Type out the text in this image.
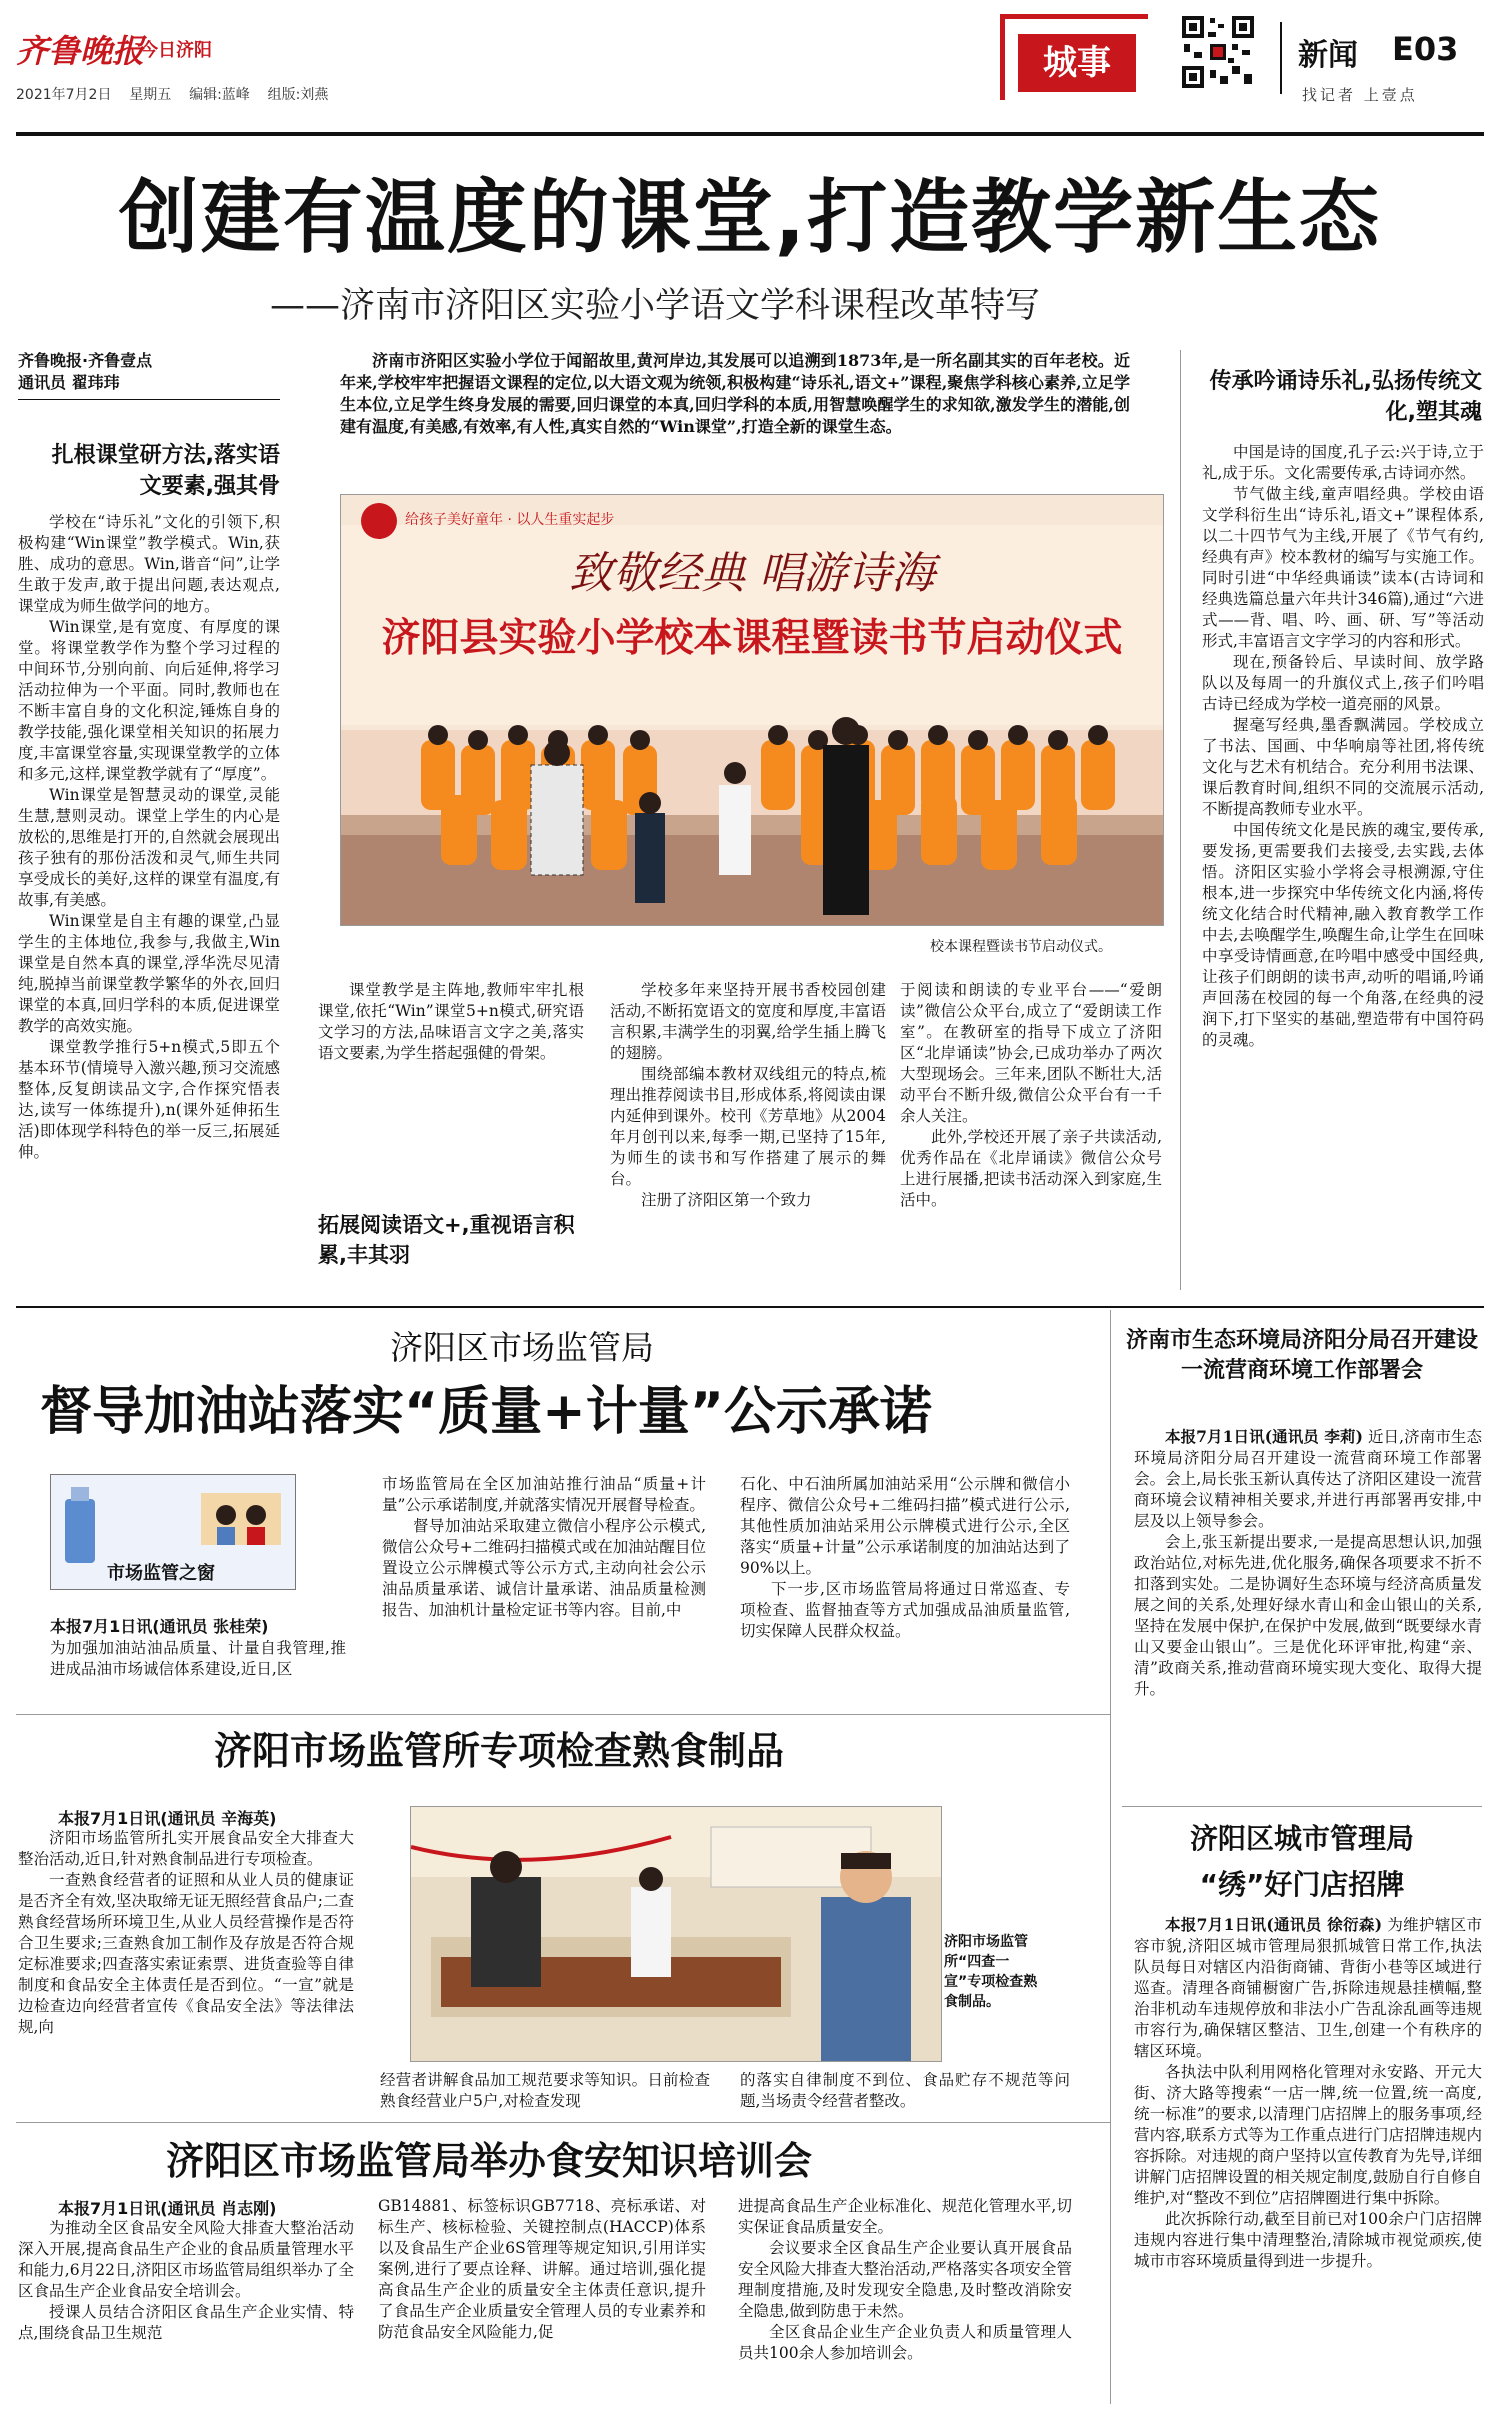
齐鲁晚报
今日济阳
2021年7月2日 星期五 编辑:蓝峰 组版:刘燕
城事	新闻 E03
找记者 上壹点
创建有温度的课堂,打造教学新生态
——济南市济阳区实验小学语文学科课程改革特写
齐鲁晚报·齐鲁壹点
通讯员 翟玮玮
扎根课堂研方法,落实语文要素,强其骨

学校在“诗乐礼”文化的引领下,积极构建“Win课堂”教学模式。Win,获胜、成功的意思。Win,谐音“问”,让学生敢于发声,敢于提出问题,表达观点,课堂成为师生做学问的地方。

Win课堂,是有宽度、有厚度的课堂。将课堂教学作为整个学习过程的中间环节,分别向前、向后延伸,将学习活动拉伸为一个平面。同时,教师也在不断丰富自身的文化积淀,锤炼自身的教学技能,强化课堂相关知识的拓展力度,丰富课堂容量,实现课堂教学的立体和多元,这样,课堂教学就有了“厚度”。

Win课堂是智慧灵动的课堂,灵能生慧,慧则灵动。课堂上学生的内心是放松的,思维是打开的,自然就会展现出孩子独有的那份活泼和灵气,师生共同享受成长的美好,这样的课堂有温度,有故事,有美感。

Win课堂是自主有趣的课堂,凸显学生的主体地位,我参与,我做主,Win课堂是自然本真的课堂,浮华洗尽见清纯,脱掉当前课堂教学繁华的外衣,回归课堂的本真,回归学科的本质,促进课堂教学的高效实施。

课堂教学推行5+n模式,5即五个基本环节(情境导入激兴趣,预习交流感整体,反复朗读品文字,合作探究悟表达,读写一体练提升),n(课外延伸拓生活)即体现学科特色的举一反三,拓展延伸。

济南市济阳区实验小学位于闻韶故里,黄河岸边,其发展可以追溯到1873年,是一所名副其实的百年老校。近年来,学校牢牢把握语文课程的定位,以大语文观为统领,积极构建“诗乐礼,语文+”课程,聚焦学科核心素养,立足学生本位,立足学生终身发展的需要,回归课堂的本真,回归学科的本质,用智慧唤醒学生的求知欲,激发学生的潜能,创建有温度,有美感,有效率,有人性,真实自然的“Win课堂”,打造全新的课堂生态。

给孩子美好童年 · 以人生重实起步
致敬经典 唱游诗海
济阳县实验小学校本课程暨读书节启动仪式
校本课程暨读书节启动仪式。

课堂教学是主阵地,教师牢牢扎根课堂,依托“Win”课堂5+n模式,研究语文学习的方法,品味语言文字之美,落实语文要素,为学生搭起强健的骨架。

拓展阅读语文+,重视语言积累,丰其羽

学校多年来坚持开展书香校园创建活动,不断拓宽语文的宽度和厚度,丰富语言积累,丰满学生的羽翼,给学生插上腾飞的翅膀。

围绕部编本教材双线组元的特点,梳理出推荐阅读书目,形成体系,将阅读由课内延伸到课外。校刊《芳草地》从2004年月创刊以来,每季一期,已坚持了15年,为师生的读书和写作搭建了展示的舞台。

注册了济阳区第一个致力

于阅读和朗读的专业平台——“爱朗读”微信公众平台,成立了“爱朗读工作室”。在教研室的指导下成立了济阳区“北岸诵读”协会,已成功举办了两次大型现场会。三年来,团队不断壮大,活动平台不断升级,微信公众平台有一千余人关注。

此外,学校还开展了亲子共读活动,优秀作品在《北岸诵读》微信公众号上进行展播,把读书活动深入到家庭,生活中。

传承吟诵诗乐礼,弘扬传统文化,塑其魂

中国是诗的国度,孔子云:兴于诗,立于礼,成于乐。文化需要传承,古诗词亦然。

节气做主线,童声唱经典。学校由语文学科衍生出“诗乐礼,语文+”课程体系,以二十四节气为主线,开展了《节气有约,经典有声》校本教材的编写与实施工作。同时引进“中华经典诵读”读本(古诗词和经典选篇总量六年共计346篇),通过“六进式——背、唱、吟、画、研、写”等活动形式,丰富语言文字学习的内容和形式。

现在,预备铃后、早读时间、放学路队以及每周一的升旗仪式上,孩子们吟唱古诗已经成为学校一道亮丽的风景。

握毫写经典,墨香飘满园。学校成立了书法、国画、中华响扇等社团,将传统文化与艺术有机结合。充分利用书法课、课后教育时间,组织不同的交流展示活动,不断提高教师专业水平。

中国传统文化是民族的魂宝,要传承,要发扬,更需要我们去接受,去实践,去体悟。济阳区实验小学将会寻根溯源,守住根本,进一步探究中华传统文化内涵,将传统文化结合时代精神,融入教育教学工作中去,去唤醒学生,唤醒生命,让学生在回味中享受诗情画意,在吟唱中感受中国经典,让孩子们朗朗的读书声,动听的唱诵,吟诵声回荡在校园的每一个角落,在经典的浸润下,打下坚实的基础,塑造带有中国符码的灵魂。

济阳区市场监管局
督导加油站落实“质量+计量”公示承诺
市场监管之窗
本报7月1日讯(通讯员 张桂荣)

为加强加油站油品质量、计量自我管理,推进成品油市场诚信体系建设,近日,区

市场监管局在全区加油站推行油品“质量+计量”公示承诺制度,并就落实情况开展督导检查。

督导加油站采取建立微信小程序公示模式,微信公众号+二维码扫描模式或在加油站醒目位置设立公示牌模式等公示方式,主动向社会公示油品质量承诺、诚信计量承诺、油品质量检测报告、加油机计量检定证书等内容。目前,中

石化、中石油所属加油站采用“公示牌和微信小程序、微信公众号+二维码扫描”模式进行公示,其他性质加油站采用公示牌模式进行公示,全区落实“质量+计量”公示承诺制度的加油站达到了90%以上。

下一步,区市场监管局将通过日常巡查、专项检查、监督抽查等方式加强成品油质量监管,切实保障人民群众权益。

济南市生态环境局济阳分局召开建设一流营商环境工作部署会

本报7月1日讯(通讯员 李莉) 近日,济南市生态环境局济阳分局召开建设一流营商环境工作部署会。会上,局长张玉新认真传达了济阳区建设一流营商环境会议精神相关要求,并进行再部署再安排,中层及以上领导参会。

会上,张玉新提出要求,一是提高思想认识,加强政治站位,对标先进,优化服务,确保各项要求不折不扣落到实处。二是协调好生态环境与经济高质量发展之间的关系,处理好绿水青山和金山银山的关系,坚持在发展中保护,在保护中发展,做到“既要绿水青山又要金山银山”。三是优化环评审批,构建“亲、清”政商关系,推动营商环境实现大变化、取得大提升。

济阳市场监管所专项检查熟食制品
本报7月1日讯(通讯员 辛海英)

济阳市场监管所扎实开展食品安全大排查大整治活动,近日,针对熟食制品进行专项检查。

一查熟食经营者的证照和从业人员的健康证是否齐全有效,坚决取缔无证无照经营食品户;二查熟食经营场所环境卫生,从业人员经营操作是否符合卫生要求;三查熟食加工制作及存放是否符合规定标准要求;四查落实索证索票、进货查验等自律制度和食品安全主体责任是否到位。“一宣”就是边检查边向经营者宣传《食品安全法》等法律法规,向

济阳市场监管所“四查一宣”专项检查熟食制品。

经营者讲解食品加工规范要求等知识。日前检查熟食经营业户5户,对检查发现

的落实自律制度不到位、食品贮存不规范等问题,当场责令经营者整改。

济阳区城市管理局
“绣”好门店招牌

本报7月1日讯(通讯员 徐衍森) 为维护辖区市容市貌,济阳区城市管理局狠抓城管日常工作,执法队员每日对辖区内沿街商铺、背街小巷等区域进行巡查。清理各商铺橱窗广告,拆除违规悬挂横幅,整治非机动车违规停放和非法小广告乱涂乱画等违规市容行为,确保辖区整洁、卫生,创建一个有秩序的辖区环境。

各执法中队利用网格化管理对永安路、开元大街、济大路等搜索“一店一牌,统一位置,统一高度,统一标准”的要求,以清理门店招牌上的服务事项,经营内容,联系方式等为工作重点进行门店招牌违规内容拆除。对违规的商户坚持以宣传教育为先导,详细讲解门店招牌设置的相关规定制度,鼓励自行自修自维护,对“整改不到位”店招牌圈进行集中拆除。

此次拆除行动,截至目前已对100余户门店招牌违规内容进行集中清理整治,清除城市视觉顽疾,使城市市容环境质量得到进一步提升。

济阳区市场监管局举办食安知识培训会
本报7月1日讯(通讯员 肖志刚)

为推动全区食品安全风险大排查大整治活动深入开展,提高食品生产企业的食品质量管理水平和能力,6月22日,济阳区市场监管局组织举办了全区食品生产企业食品安全培训会。

授课人员结合济阳区食品生产企业实情、特点,围绕食品卫生规范

GB14881、标签标识GB7718、亮标承诺、对标生产、核标检验、关键控制点(HACCP)体系以及食品生产企业6S管理等规定知识,引用详实案例,进行了要点诠释、讲解。通过培训,强化提高食品生产企业的质量安全主体责任意识,提升了食品生产企业质量安全管理人员的专业素养和防范食品安全风险能力,促

进提高食品生产企业标准化、规范化管理水平,切实保证食品质量安全。

会议要求全区食品生产企业要认真开展食品安全风险大排查大整治活动,严格落实各项安全管理制度措施,及时发现安全隐患,及时整改消除安全隐患,做到防患于未然。

全区食品企业生产企业负责人和质量管理人员共100余人参加培训会。
